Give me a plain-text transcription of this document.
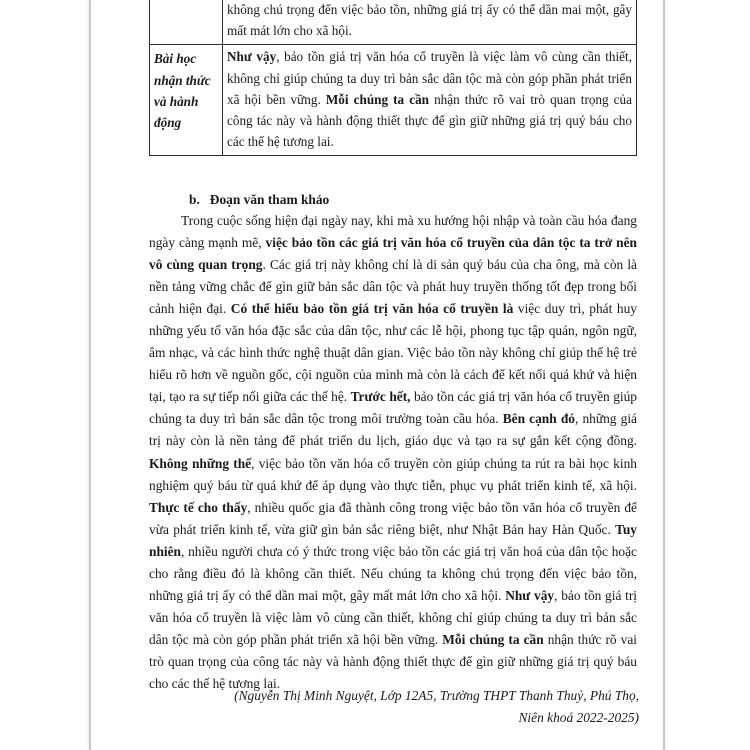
	không chú trọng đến việc bảo tồn, những giá trị ấy có thể dần mai một, gây mất mát lớn cho xã hội.
Bài học nhận thức và hành động	Như vậy, bảo tồn giá trị văn hóa cổ truyền là việc làm vô cùng cần thiết, không chỉ giúp chúng ta duy trì bản sắc dân tộc mà còn góp phần phát triển xã hội bền vững. Mỗi chúng ta cần nhận thức rõ vai trò quan trọng của công tác này và hành động thiết thực để gìn giữ những giá trị quý báu cho các thế hệ tương lai.

b. Đoạn văn tham khảo

Trong cuộc sống hiện đại ngày nay, khi mà xu hướng hội nhập và toàn cầu hóa đang ngày càng mạnh mẽ, việc bảo tồn các giá trị văn hóa cổ truyền của dân tộc ta trở nên vô cùng quan trọng. Các giá trị này không chỉ là di sản quý báu của cha ông, mà còn là nền tảng vững chắc để gìn giữ bản sắc dân tộc và phát huy truyền thống tốt đẹp trong bối cảnh hiện đại. Có thể hiểu bảo tồn giá trị văn hóa cổ truyền là việc duy trì, phát huy những yếu tố văn hóa đặc sắc của dân tộc, như các lễ hội, phong tục tập quán, ngôn ngữ, âm nhạc, và các hình thức nghệ thuật dân gian. Việc bảo tồn này không chỉ giúp thế hệ trẻ hiểu rõ hơn về nguồn gốc, cội nguồn của mình mà còn là cách để kết nối quá khứ và hiện tại, tạo ra sự tiếp nối giữa các thế hệ. Trước hết, bảo tồn các giá trị văn hóa cổ truyền giúp chúng ta duy trì bản sắc dân tộc trong môi trường toàn cầu hóa. Bên cạnh đó, những giá trị này còn là nền tảng để phát triển du lịch, giáo dục và tạo ra sự gắn kết cộng đồng. Không những thế, việc bảo tồn văn hóa cổ truyền còn giúp chúng ta rút ra bài học kinh nghiệm quý báu từ quá khứ để áp dụng vào thực tiễn, phục vụ phát triển kinh tế, xã hội. Thực tế cho thấy, nhiều quốc gia đã thành công trong việc bảo tồn văn hóa cổ truyền để vừa phát triển kinh tế, vừa giữ gìn bản sắc riêng biệt, như Nhật Bản hay Hàn Quốc. Tuy nhiên, nhiều người chưa có ý thức trong việc bảo tồn các giá trị văn hoá của dân tộc hoặc cho rằng điều đó là không cần thiết. Nếu chúng ta không chú trọng đến việc bảo tồn, những giá trị ấy có thể dần mai một, gây mất mát lớn cho xã hội. Như vậy, bảo tồn giá trị văn hóa cổ truyền là việc làm vô cùng cần thiết, không chỉ giúp chúng ta duy trì bản sắc dân tộc mà còn góp phần phát triển xã hội bền vững. Mỗi chúng ta cần nhận thức rõ vai trò quan trọng của công tác này và hành động thiết thực để gìn giữ những giá trị quý báu cho các thế hệ tương lai.

(Nguyễn Thị Minh Nguyệt, Lớp 12A5, Trường THPT Thanh Thuỷ, Phú Thọ,
Niên khoá 2022-2025)
